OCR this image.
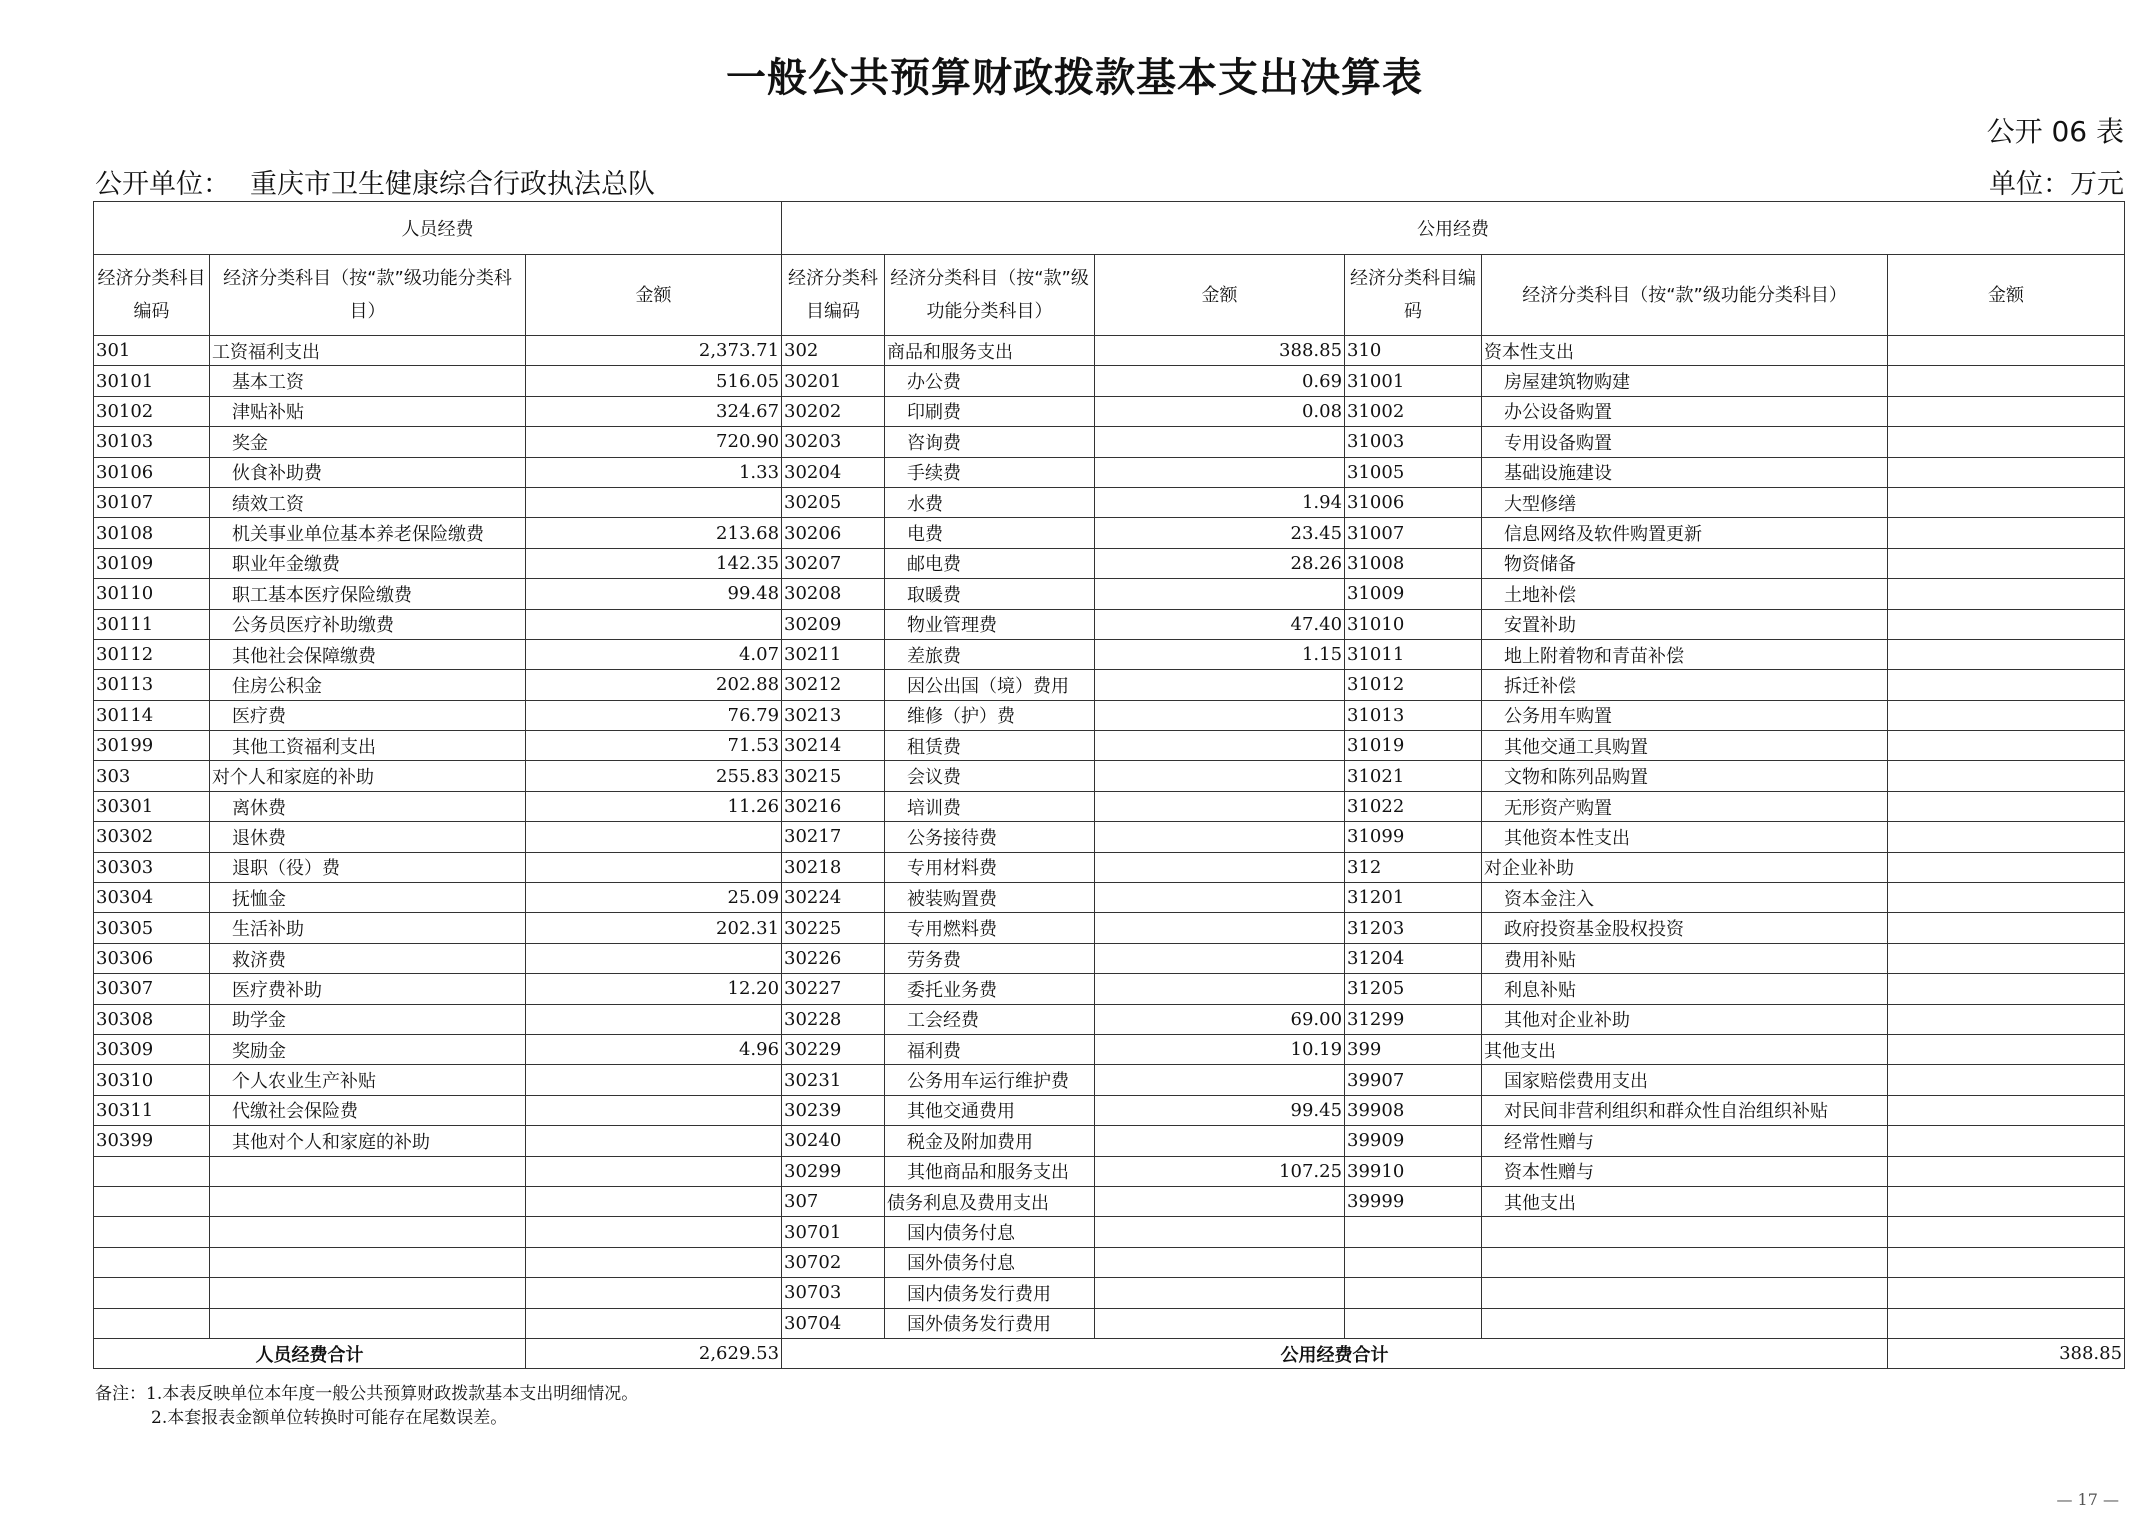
一般公共预算财政拨款基本支出决算表
公开 06 表
公开单位： 重庆市卫生健康综合行政执法总队	单位：万元
人员经费			公用经费					
经济分类科目编码	经济分类科目（按“款”级功能分类科目）	金额	经济分类科目编码	经济分类科目（按“款”级功能分类科目）	金额	经济分类科目编码	经济分类科目（按“款”级功能分类科目）	金额
301	工资福利支出	2,373.71	302	商品和服务支出	388.85	310	资本性支出	
30101	基本工资	516.05	30201	办公费	0.69	31001	房屋建筑物购建	
30102	津贴补贴	324.67	30202	印刷费	0.08	31002	办公设备购置	
30103	奖金	720.90	30203	咨询费		31003	专用设备购置	
30106	伙食补助费	1.33	30204	手续费		31005	基础设施建设	
30107	绩效工资		30205	水费	1.94	31006	大型修缮	
30108	机关事业单位基本养老保险缴费	213.68	30206	电费	23.45	31007	信息网络及软件购置更新	
30109	职业年金缴费	142.35	30207	邮电费	28.26	31008	物资储备	
30110	职工基本医疗保险缴费	99.48	30208	取暖费		31009	土地补偿	
30111	公务员医疗补助缴费		30209	物业管理费	47.40	31010	安置补助	
30112	其他社会保障缴费	4.07	30211	差旅费	1.15	31011	地上附着物和青苗补偿	
30113	住房公积金	202.88	30212	因公出国（境）费用		31012	拆迁补偿	
30114	医疗费	76.79	30213	维修（护）费		31013	公务用车购置	
30199	其他工资福利支出	71.53	30214	租赁费		31019	其他交通工具购置	
303	对个人和家庭的补助	255.83	30215	会议费		31021	文物和陈列品购置	
30301	离休费	11.26	30216	培训费		31022	无形资产购置	
30302	退休费		30217	公务接待费		31099	其他资本性支出	
30303	退职（役）费		30218	专用材料费		312	对企业补助	
30304	抚恤金	25.09	30224	被装购置费		31201	资本金注入	
30305	生活补助	202.31	30225	专用燃料费		31203	政府投资基金股权投资	
30306	救济费		30226	劳务费		31204	费用补贴	
30307	医疗费补助	12.20	30227	委托业务费		31205	利息补贴	
30308	助学金		30228	工会经费	69.00	31299	其他对企业补助	
30309	奖励金	4.96	30229	福利费	10.19	399	其他支出	
30310	个人农业生产补贴		30231	公务用车运行维护费		39907	国家赔偿费用支出	
30311	代缴社会保险费		30239	其他交通费用	99.45	39908	对民间非营利组织和群众性自治组织补贴	
30399	其他对个人和家庭的补助		30240	税金及附加费用		39909	经常性赠与	
			30299	其他商品和服务支出	107.25	39910	资本性赠与	
			307	债务利息及费用支出		39999	其他支出	
			30701	国内债务付息				
			30702	国外债务付息				
			30703	国内债务发行费用				
			30704	国外债务发行费用				
人员经费合计		2,629.53	公用经费合计					388.85
备注：1.本表反映单位本年度一般公共预算财政拨款基本支出明细情况。
2.本套报表金额单位转换时可能存在尾数误差。
— 17 —
